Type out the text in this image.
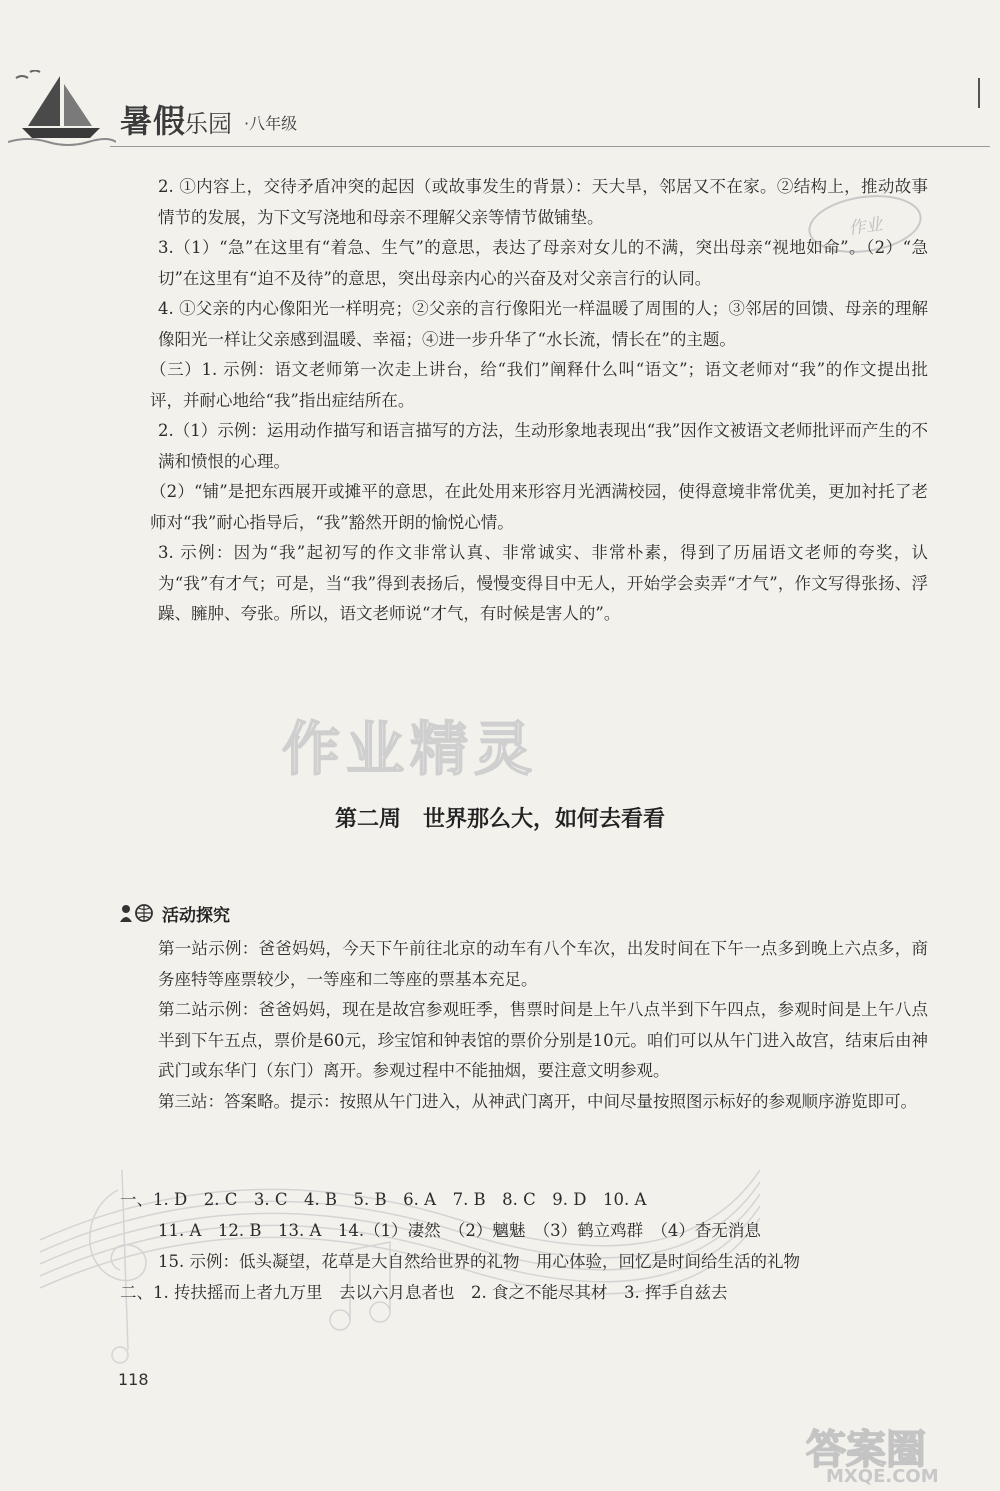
暑假
乐园 ·八年级
作业

2. ①内容上，交待矛盾冲突的起因（或故事发生的背景）：天大旱，邻居又不在家。②结构上，推动故事情节的发展，为下文写浇地和母亲不理解父亲等情节做铺垫。

3.（1）“急”在这里有“着急、生气”的意思，表达了母亲对女儿的不满，突出母亲“视地如命”。（2）“急切”在这里有“迫不及待”的意思，突出母亲内心的兴奋及对父亲言行的认同。

4. ①父亲的内心像阳光一样明亮；②父亲的言行像阳光一样温暖了周围的人；③邻居的回馈、母亲的理解像阳光一样让父亲感到温暖、幸福；④进一步升华了“水长流，情长在”的主题。

（三）1. 示例：语文老师第一次走上讲台，给“我们”阐释什么叫“语文”；语文老师对“我”的作文提出批评，并耐心地给“我”指出症结所在。

2.（1）示例：运用动作描写和语言描写的方法，生动形象地表现出“我”因作文被语文老师批评而产生的不满和愤恨的心理。

（2）“铺”是把东西展开或摊平的意思，在此处用来形容月光洒满校园，使得意境非常优美，更加衬托了老师对“我”耐心指导后，“我”豁然开朗的愉悦心情。

3. 示例：因为“我”起初写的作文非常认真、非常诚实、非常朴素，得到了历届语文老师的夸奖，认为“我”有才气；可是，当“我”得到表扬后，慢慢变得目中无人，开始学会卖弄“才气”，作文写得张扬、浮躁、臃肿、夸张。所以，语文老师说“才气，有时候是害人的”。

作业精灵
第二周　世界那么大，如何去看看
活动探究

第一站示例：爸爸妈妈，今天下午前往北京的动车有八个车次，出发时间在下午一点多到晚上六点多，商务座特等座票较少，一等座和二等座的票基本充足。

第二站示例：爸爸妈妈，现在是故宫参观旺季，售票时间是上午八点半到下午四点，参观时间是上午八点半到下午五点，票价是60元，珍宝馆和钟表馆的票价分别是10元。咱们可以从午门进入故宫，结束后由神武门或东华门（东门）离开。参观过程中不能抽烟，要注意文明参观。

第三站：答案略。提示：按照从午门进入，从神武门离开，中间尽量按照图示标好的参观顺序游览即可。

一、1. D　2. C　3. C　4. B　5. B　6. A　7. B　8. C　9. D　10. A

11. A　12. B　13. A　14.（1）凄然　（2）魑魅　（3）鹤立鸡群　（4）杳无消息

15. 示例：低头凝望，花草是大自然给世界的礼物　用心体验，回忆是时间给生活的礼物

二、1. 抟扶摇而上者九万里　去以六月息者也　2. 食之不能尽其材　3. 挥手自兹去

118
答案圈
MXQE.COM
